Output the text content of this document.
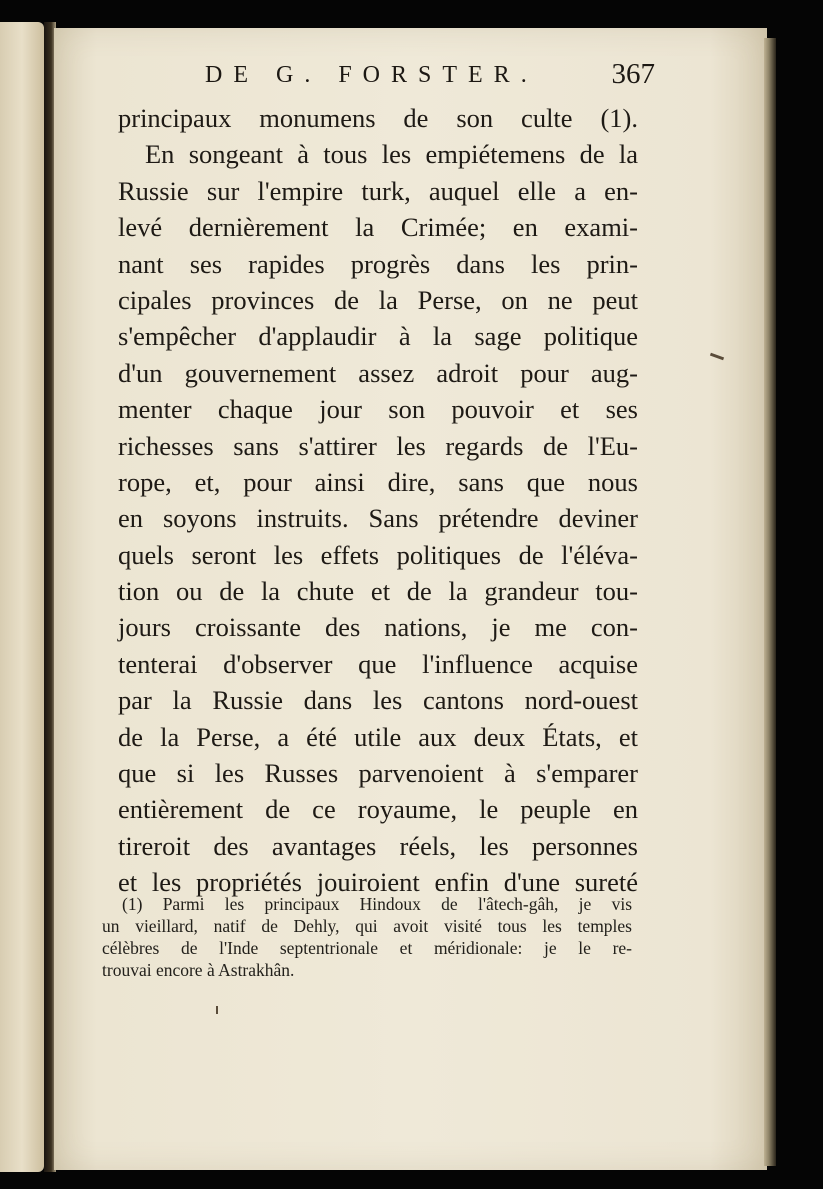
DE G. FORSTER.	367
principaux monumens de son culte (1).
En songeant à tous les empiétemens de la
Russie sur l'empire turk, auquel elle a en-
levé dernièrement la Crimée; en exami-
nant ses rapides progrès dans les prin-
cipales provinces de la Perse, on ne peut
s'empêcher d'applaudir à la sage politique
d'un gouvernement assez adroit pour aug-
menter chaque jour son pouvoir et ses
richesses sans s'attirer les regards de l'Eu-
rope, et, pour ainsi dire, sans que nous
en soyons instruits. Sans prétendre deviner
quels seront les effets politiques de l'éléva-
tion ou de la chute et de la grandeur tou-
jours croissante des nations, je me con-
tenterai d'observer que l'influence acquise
par la Russie dans les cantons nord-ouest
de la Perse, a été utile aux deux États, et
que si les Russes parvenoient à s'emparer
entièrement de ce royaume, le peuple en
tireroit des avantages réels, les personnes
et les propriétés jouiroient enfin d'une sureté
(1) Parmi les principaux Hindoux de l'âtech-gâh, je vis
un vieillard, natif de Dehly, qui avoit visité tous les temples
célèbres de l'Inde septentrionale et méridionale: je le re-
trouvai encore à Astrakhân.
